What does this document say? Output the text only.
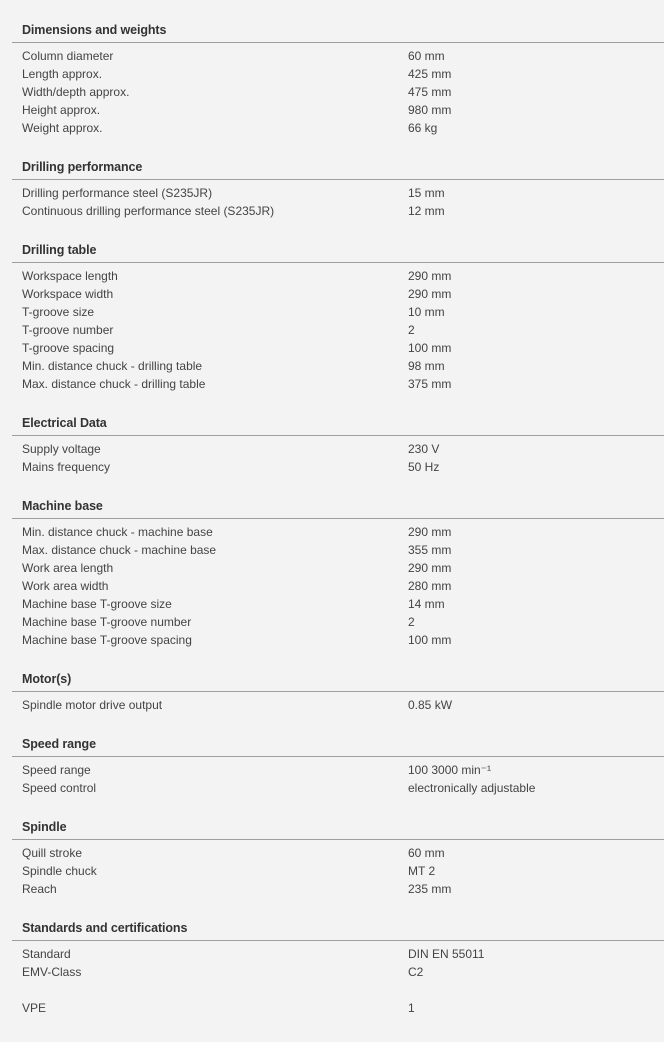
Dimensions and weights
Column diameter	60 mm
Length approx.	425 mm
Width/depth approx.	475 mm
Height approx.	980 mm
Weight approx.	66 kg
Drilling performance
Drilling performance steel (S235JR)	15 mm
Continuous drilling performance steel (S235JR)	12 mm
Drilling table
Workspace length	290 mm
Workspace width	290 mm
T-groove size	10 mm
T-groove number	2
T-groove spacing	100 mm
Min. distance chuck - drilling table	98 mm
Max. distance chuck - drilling table	375 mm
Electrical Data
Supply voltage	230 V
Mains frequency	50 Hz
Machine base
Min. distance chuck - machine base	290 mm
Max. distance chuck - machine base	355 mm
Work area length	290 mm
Work area width	280 mm
Machine base T-groove size	14 mm
Machine base T-groove number	2
Machine base T-groove spacing	100 mm
Motor(s)
Spindle motor drive output	0.85 kW
Speed range
Speed range	100 3000 min⁻¹
Speed control	electronically adjustable
Spindle
Quill stroke	60 mm
Spindle chuck	MT 2
Reach	235 mm
Standards and certifications
Standard	DIN EN 55011
EMV-Class	C2
VPE	1
